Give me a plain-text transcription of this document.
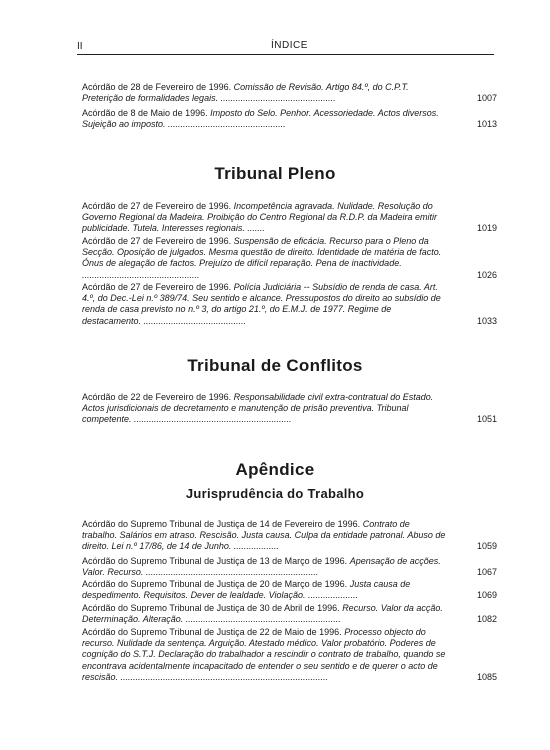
II	ÍNDICE
Acórdão de 28 de Fevereiro de 1996. Comissão de Revisão. Artigo 84.º, do C.P.T. Preterição de formalidades legais. ..............................................	1007
Acórdão de 8 de Maio de 1996. Imposto do Selo. Penhor. Acessoriedade. Actos diversos. Sujeição ao imposto. ...............................................	1013
Tribunal Pleno
Acórdão de 27 de Fevereiro de 1996. Incompetência agravada. Nulidade. Resolução do Governo Regional da Madeira. Proibição do Centro Regional da R.D.P. da Madeira emitir publicidade. Tutela. Interesses regionais. .......	1019
Acórdão de 27 de Fevereiro de 1996. Suspensão de eficácia. Recurso para o Pleno da Secção. Oposição de julgados. Mesma questão de direito. Identidade de matéria de facto. Ónus de alegação de factos. Prejuízo de difícil reparação. Pena de inactividade. ...............................................	1026
Acórdão de 27 de Fevereiro de 1996. Polícia Judiciária -- Subsídio de renda de casa. Art. 4.º, do Dec.-Lei n.º 389/74. Seu sentido e alcance. Pressupostos do direito ao subsídio de renda de casa previsto no n.º 3, do artigo 21.º, do E.M.J. de 1977. Regime de destacamento. .........................................	1033
Tribunal de Conflitos
Acórdão de 22 de Fevereiro de 1996. Responsabilidade civil extra-contratual do Estado. Actos jurisdicionais de decretamento e manutenção de prisão preventiva. Tribunal competente. ...............................................................	1051
Apêndice
Jurisprudência do Trabalho
Acórdão do Supremo Tribunal de Justiça de 14 de Fevereiro de 1996. Contrato de trabalho. Salários em atraso. Rescisão. Justa causa. Culpa da entidade patronal. Abuso de direito. Lei n.º 17/86, de 14 de Junho. ..................	1059
Acórdão do Supremo Tribunal de Justiça de 13 de Março de 1996. Apensação de acções. Valor. Recurso. .....................................................................	1067
Acórdão do Supremo Tribunal de Justiça de 20 de Março de 1996. Justa causa de despedimento. Requisitos. Dever de lealdade. Violação. ....................	1069
Acórdão do Supremo Tribunal de Justiça de 30 de Abril de 1996. Recurso. Valor da acção. Determinação. Alteração. ..............................................................	1082
Acórdão do Supremo Tribunal de Justiça de 22 de Maio de 1996. Processo objecto do recurso. Nulidade da sentença. Arguição. Atestado médico. Valor probatório. Poderes de cognição do S.T.J. Declaração do trabalhador a rescindir o contrato de trabalho, quando se encontrava acidentalmente incapacitado de entender o seu sentido e de querer o acto de rescisão. ...................................................................................	1085
